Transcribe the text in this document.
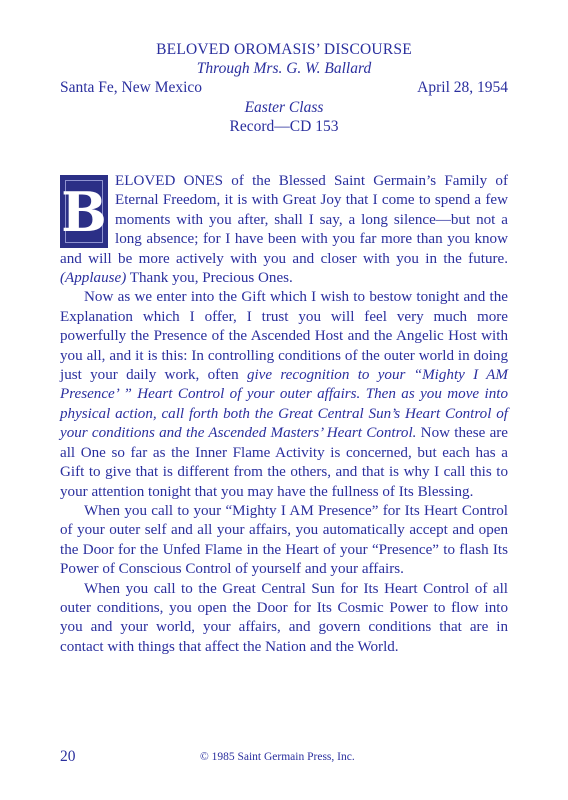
BELOVED OROMASIS’ DISCOURSE
Through Mrs. G. W. Ballard
Santa Fe, New Mexico	April 28, 1954
Easter Class
Record—CD 153

B ELOVED ONES of the Blessed Saint Germain’s Family of Eternal Freedom, it is with Great Joy that I come to spend a few moments with you after, shall I say, a long silence—but not a long absence; for I have been with you far more than you know and will be more actively with you and closer with you in the future. (Applause) Thank you, Precious Ones.

Now as we enter into the Gift which I wish to bestow tonight and the Explanation which I offer, I trust you will feel very much more powerfully the Presence of the Ascended Host and the Angelic Host with you all, and it is this: In controlling conditions of the outer world in doing just your daily work, often give recognition to your “Mighty I AM Presence’ ” Heart Control of your outer affairs. Then as you move into physical action, call forth both the Great Central Sun’s Heart Control of your conditions and the Ascended Masters’ Heart Control. Now these are all One so far as the Inner Flame Activity is concerned, but each has a Gift to give that is different from the others, and that is why I call this to your attention tonight that you may have the fullness of Its Blessing.

When you call to your “Mighty I AM Presence” for Its Heart Control of your outer self and all your affairs, you automatically accept and open the Door for the Unfed Flame in the Heart of your “Presence” to flash Its Power of Conscious Control of yourself and your affairs.

When you call to the Great Central Sun for Its Heart Control of all outer conditions, you open the Door for Its Cosmic Power to flow into you and your world, your affairs, and govern conditions that are in contact with things that affect the Nation and the World.

20	© 1985 Saint Germain Press, Inc.
